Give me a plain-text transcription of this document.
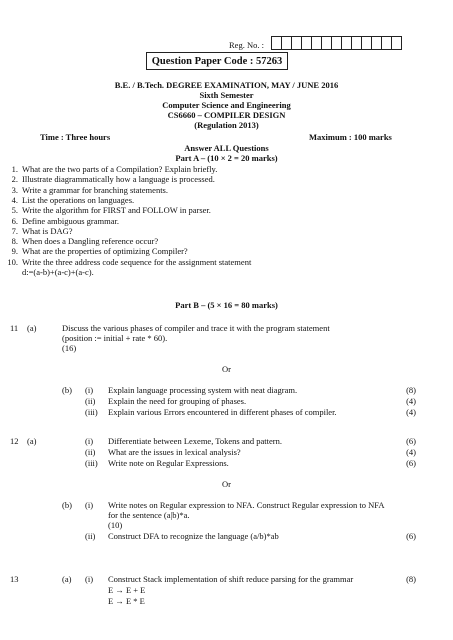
Reg. No. :
Question Paper Code : 57263
B.E. / B.Tech. DEGREE EXAMINATION, MAY / JUNE 2016
Sixth Semester
Computer Science and Engineering
CS6660 – COMPILER DESIGN
(Regulation 2013)
Time : Three hours	Maximum : 100 marks
Answer ALL Questions
Part A – (10 × 2 = 20 marks)
1. What are the two parts of a Compilation? Explain briefly.
2. Illustrate diagrammatically how a language is processed.
3. Write a grammar for branching statements.
4. List the operations on languages.
5. Write the algorithm for FIRST and FOLLOW in parser.
6. Define ambiguous grammar.
7. What is DAG?
8. When does a Dangling reference occur?
9. What are the properties of optimizing Compiler?
10. Write the three address code sequence for the assignment statement
d:=(a-b)+(a-c)+(a-c).
Part B – (5 × 16 = 80 marks)
11 (a)	Discuss the various phases of compiler and trace it with the program statement
(position := initial + rate * 60).
(16)
Or
(b) (i) Explain language processing system with neat diagram.	(8)
(ii) Explain the need for grouping of phases.	(4)
(iii) Explain various Errors encountered in different phases of compiler.	(4)
12 (a)	(i) Differentiate between Lexeme, Tokens and pattern.	(6)
(ii) What are the issues in lexical analysis?	(4)
(iii) Write note on Regular Expressions.	(6)
Or
(b) (i) Write notes on Regular expression to NFA. Construct Regular expression to NFA
for the sentence (a|b)*a.
(10)
(ii) Construct DFA to recognize the language (a/b)*ab	(6)
13	(a) (i) Construct Stack implementation of shift reduce parsing for the grammar	(8)
E → E + E
E → E * E
